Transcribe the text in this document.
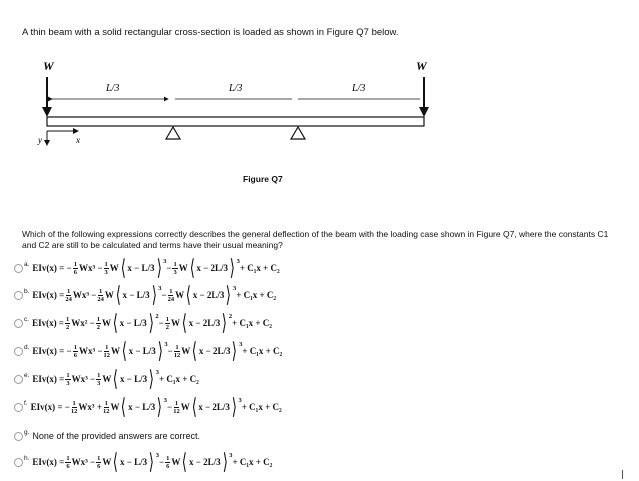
A thin beam with a solid rectangular cross-section is loaded as shown in Figure Q7 below.
W	W
L/3	L/3	L/3
y	x
Figure Q7
Which of the following expressions correctly describes the general deflection of the beam with the loading case shown in Figure Q7, where the constants C1 and C2 are still to be calculated and terms have their usual meaning?
a. EIv(x) = − $\frac{1}{6} Wx^3 - \frac{1}{3}$ W ⟨ x − L/3 ⟩ 3
− $\frac{1}{3}$ W ⟨ x − 2L/3 ⟩ 3
+ C₁x + C₂
b. $EIv(x) = \frac{1}{24} Wx^3 - \frac{1}{24}$ W ⟨ x − L/3 ⟩ 3
− $\frac{1}{24}$ W ⟨ x − 2L/3 ⟩ 3
+ C₁x + C₂
c. $EIv(x) = \frac{1}{2} Wx^2 - \frac{1}{2}$ W ⟨ x − L/3 ⟩ 2
− $\frac{1}{2}$ W ⟨ x − 2L/3 ⟩ 2
+ C₁x + C₂
d. EIv(x) = − $\frac{1}{6} Wx^3 - \frac{1}{12}$ W ⟨ x − L/3 ⟩ 3
− $\frac{1}{12}$ W ⟨ x − 2L/3 ⟩ 3
+ C₁x + C₂
e. $EIv(x) = \frac{1}{3} Wx^3 - \frac{1}{3}$ W ⟨ x − L/3 ⟩ 3
+ C₁x + C₂
f. EIv(x) = − $\frac{1}{12} Wx^3 + \frac{1}{12}$ W ⟨ x − L/3 ⟩ 3
− $\frac{1}{12}$ W ⟨ x − 2L/3 ⟩ 3
+ C₁x + C₂
g. None of the provided answers are correct.
h. $EIv(x) = \frac{1}{6} Wx^3 - \frac{1}{6}$ W ⟨ x − L/3 ⟩ 3
− $\frac{1}{6}$ W ⟨ x − 2L/3 ⟩ 3
+ C₁x + C₂
